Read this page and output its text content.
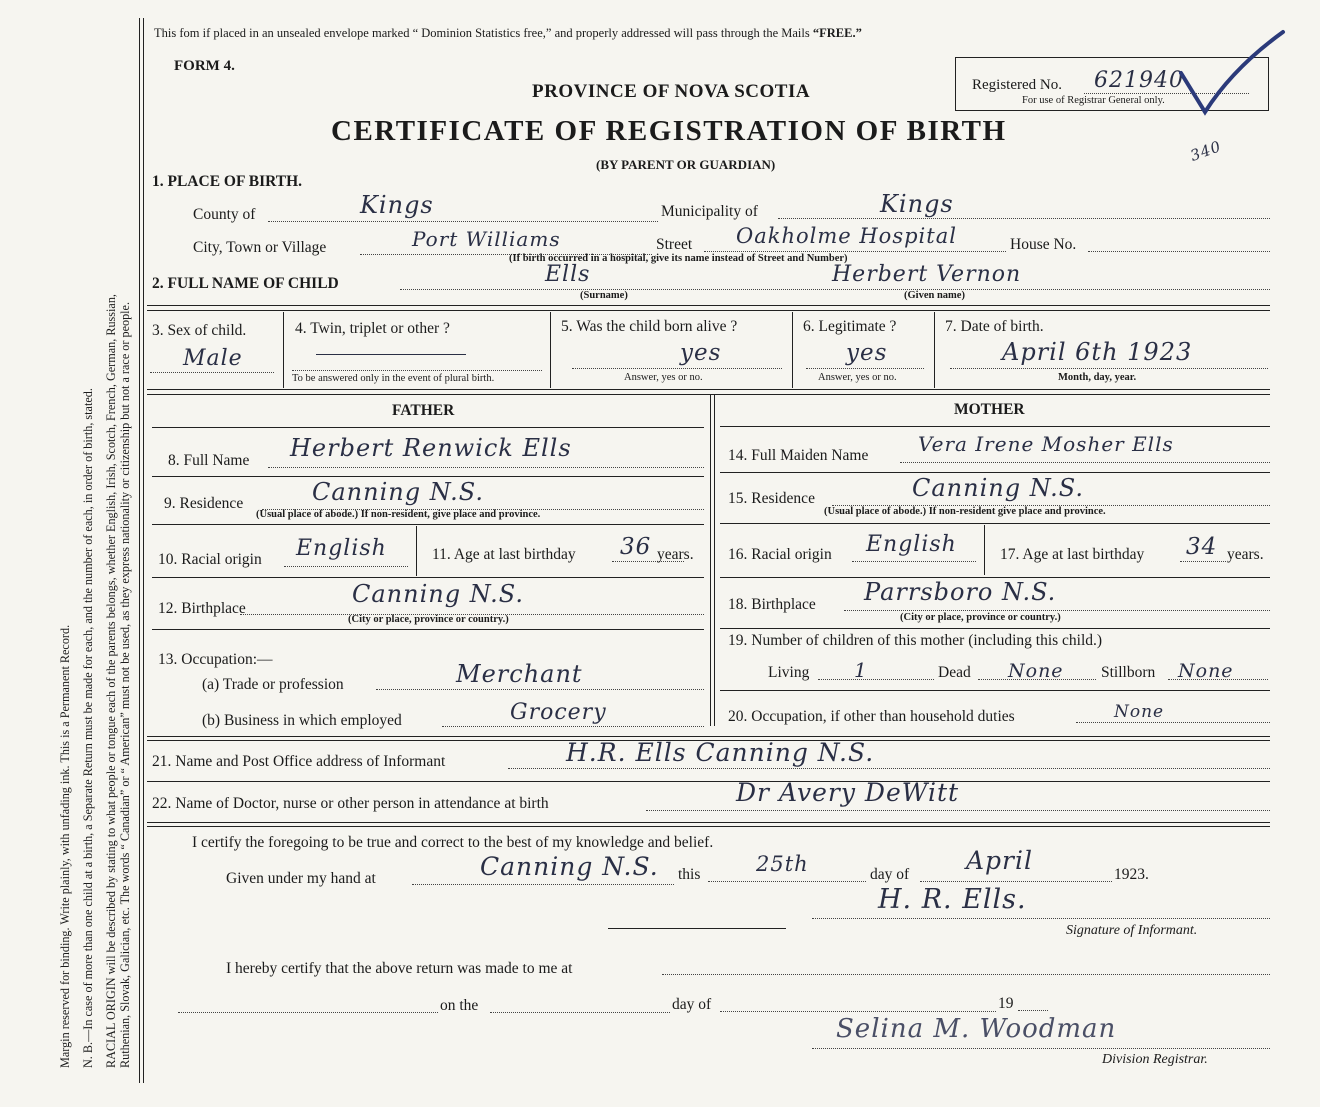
Margin reserved for binding. Write plainly, with unfading ink. This is a Permanent Record. N. B.—In case of more than one child at a birth, a Separate Return must be made for each, and the number of each, in order of birth, stated. RACIAL ORIGIN will be described by stating to what people or tongue each of the parents belongs, whether English, Irish, Scotch, French, German, Russian, Ruthenian, Slovak, Galician, etc. The words “ Canadian” or “ American” must not be used, as they express nationality or citizenship but not a race or people.
This fo​m if placed in an unsealed envelope marked “ Dominion Statistics free,” and properly addressed will pass through the Mails “FREE.”
FORM 4.
PROVINCE OF NOVA SCOTIA
CERTIFICATE OF REGISTRATION OF BIRTH
(BY PARENT OR GUARDIAN)
Registered No. 621940
For use of Registrar General only.
340
1. PLACE OF BIRTH.
County of	Kings	Municipality of	Kings
City, Town or Village	Port Williams	Street Oakholme Hospital	House No.
(If birth occurred in a hospital, give its name instead of Street and Number)
2. FULL NAME OF CHILD	Ells
(Surname)
Herbert Vernon
(Given name)
3. Sex of child.
Male
4. Twin, triplet or other ?
To be answered only in the event of plural birth.
5. Was the child born alive ?
yes
Answer, yes or no.
6. Legitimate ?
yes
Answer, yes or no.
7. Date of birth.
April 6th 1923
Month, day, year.
FATHER
8. Full Name Herbert Renwick Ells
9. Residence	Canning N.S.
(Usual place of abode.) If non-resident, give place and province.
10. Racial origin English	11. Age at last birthday 36 years.
12. Birthplace
Canning N.S.
(City or place, province or country.)
13. Occupation:—
(a) Trade or profession	Merchant
(b) Business in which employed	Grocery
MOTHER
14. Full Maiden Name Vera Irene Mosher Ells
15. Residence	Canning N.S.
(Usual place of abode.) If non-resident give place and province.
16. Racial origin English	17. Age at last birthday 34 years.
18. Birthplace Parrsboro N.S.
(City or place, province or country.)
19. Number of children of this mother (including this child.)
Living 1	Dead None Stillborn None
20. Occupation, if other than household duties	None
21. Name and Post Office address of Informant	H.R. Ells Canning N.S.
22. Name of Doctor, nurse or other person in attendance at birth	Dr Avery DeWitt
I certify the foregoing to be true and correct to the best of my knowledge and belief.
Given under my hand at	Canning N.S. this	25th	day of April	1923.
H. R. Ells.
Signature of Informant.
I hereby certify that the above return was made to me at
on the	day of	19
Selina M. Woodman
Division Registrar.
